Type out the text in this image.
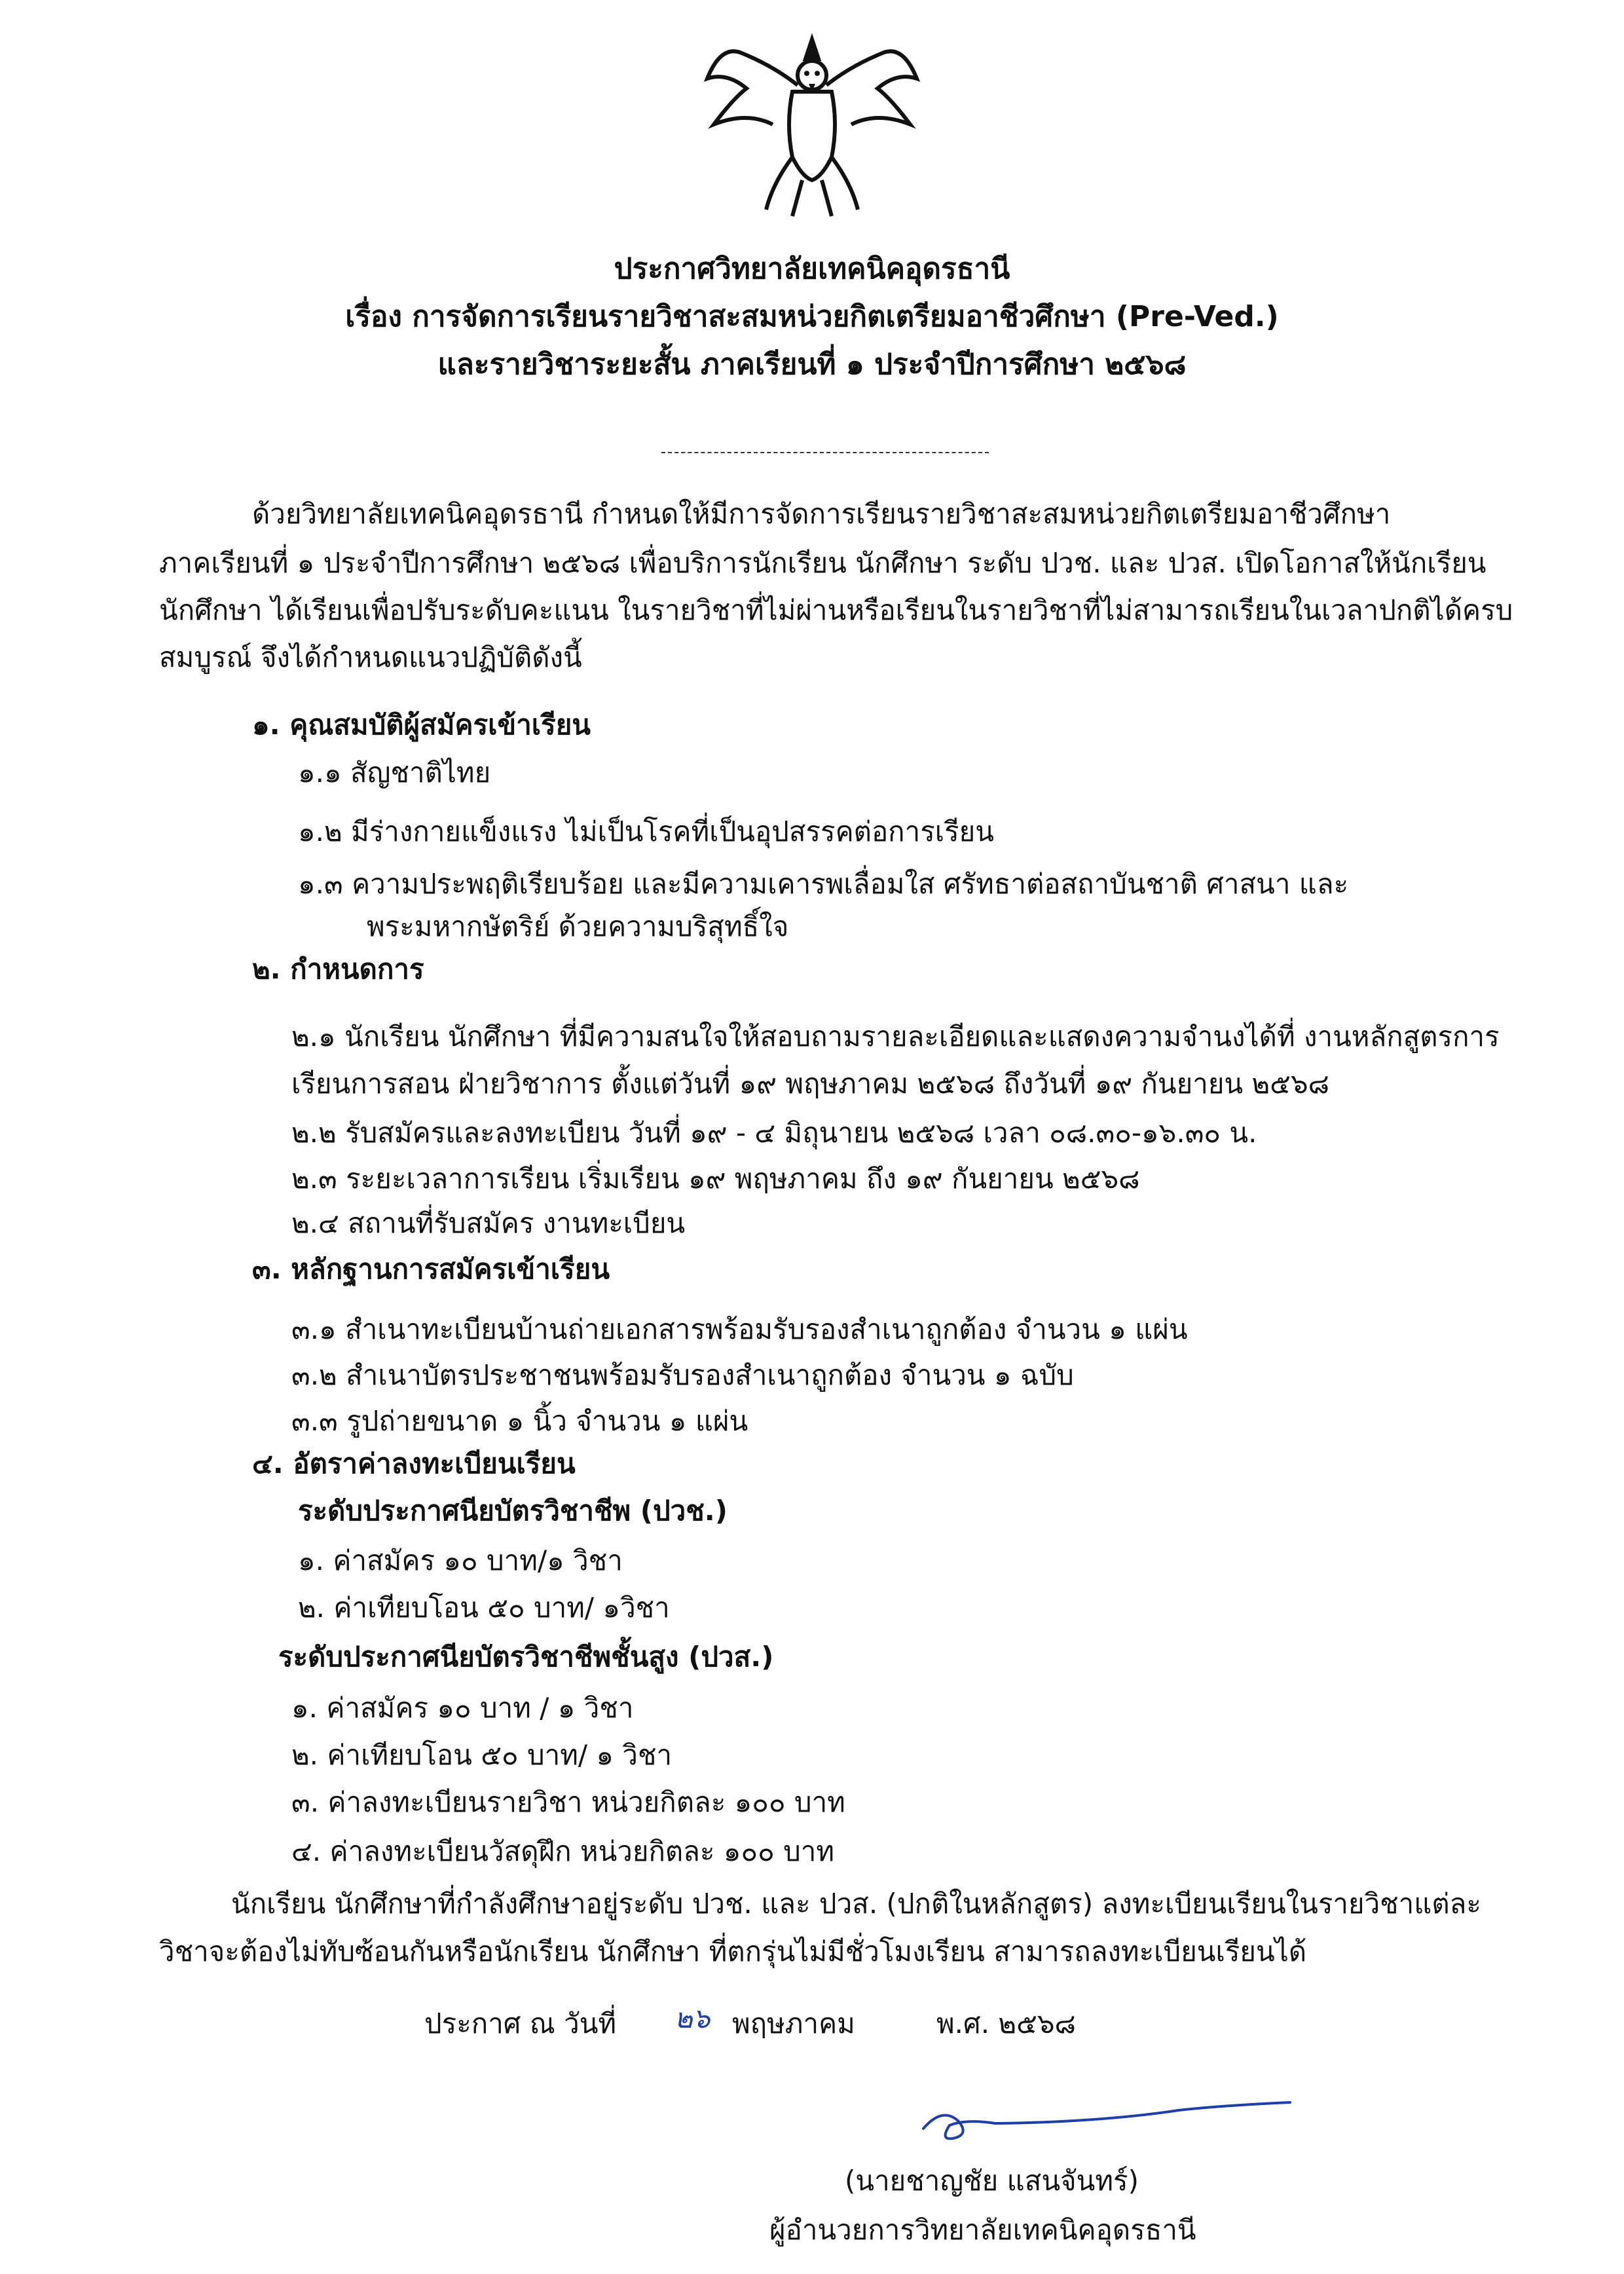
ประกาศวิทยาลัยเทคนิคอุดรธานี
เรื่อง การจัดการเรียนรายวิชาสะสมหน่วยกิตเตรียมอาชีวศึกษา (Pre-Ved.)
และรายวิชาระยะสั้น ภาคเรียนที่ ๑ ประจำปีการศึกษา ๒๕๖๘
ด้วยวิทยาลัยเทคนิคอุดรธานี กำหนดให้มีการจัดการเรียนรายวิชาสะสมหน่วยกิตเตรียมอาชีวศึกษา
ภาคเรียนที่ ๑ ประจำปีการศึกษา ๒๕๖๘ เพื่อบริการนักเรียน นักศึกษา ระดับ ปวช. และ ปวส. เปิดโอกาสให้นักเรียน
นักศึกษา ได้เรียนเพื่อปรับระดับคะแนน ในรายวิชาที่ไม่ผ่านหรือเรียนในรายวิชาที่ไม่สามารถเรียนในเวลาปกติได้ครบ
สมบูรณ์ จึงได้กำหนดแนวปฏิบัติดังนี้
๑. คุณสมบัติผู้สมัครเข้าเรียน
๑.๑ สัญชาติไทย
๑.๒ มีร่างกายแข็งแรง ไม่เป็นโรคที่เป็นอุปสรรคต่อการเรียน
๑.๓ ความประพฤติเรียบร้อย และมีความเคารพเลื่อมใส ศรัทธาต่อสถาบันชาติ ศาสนา และ
พระมหากษัตริย์ ด้วยความบริสุทธิ์ใจ
๒. กำหนดการ
๒.๑ นักเรียน นักศึกษา ที่มีความสนใจให้สอบถามรายละเอียดและแสดงความจำนงได้ที่ งานหลักสูตรการ
เรียนการสอน ฝ่ายวิชาการ ตั้งแต่วันที่ ๑๙ พฤษภาคม ๒๕๖๘ ถึงวันที่ ๑๙ กันยายน ๒๕๖๘
๒.๒ รับสมัครและลงทะเบียน วันที่ ๑๙ - ๔ มิถุนายน ๒๕๖๘ เวลา ๐๘.๓๐-๑๖.๓๐ น.
๒.๓ ระยะเวลาการเรียน เริ่มเรียน ๑๙ พฤษภาคม ถึง ๑๙ กันยายน ๒๕๖๘
๒.๔ สถานที่รับสมัคร งานทะเบียน
๓. หลักฐานการสมัครเข้าเรียน
๓.๑ สำเนาทะเบียนบ้านถ่ายเอกสารพร้อมรับรองสำเนาถูกต้อง จำนวน ๑ แผ่น
๓.๒ สำเนาบัตรประชาชนพร้อมรับรองสำเนาถูกต้อง จำนวน ๑ ฉบับ
๓.๓ รูปถ่ายขนาด ๑ นิ้ว จำนวน ๑ แผ่น
๔. อัตราค่าลงทะเบียนเรียน
ระดับประกาศนียบัตรวิชาชีพ (ปวช.)
๑. ค่าสมัคร ๑๐ บาท/๑ วิชา
๒. ค่าเทียบโอน ๕๐ บาท/ ๑วิชา
ระดับประกาศนียบัตรวิชาชีพชั้นสูง (ปวส.)
๑. ค่าสมัคร ๑๐ บาท / ๑ วิชา
๒. ค่าเทียบโอน ๕๐ บาท/ ๑ วิชา
๓. ค่าลงทะเบียนรายวิชา หน่วยกิตละ ๑๐๐ บาท
๔. ค่าลงทะเบียนวัสดุฝึก หน่วยกิตละ ๑๐๐ บาท
นักเรียน นักศึกษาที่กำลังศึกษาอยู่ระดับ ปวช. และ ปวส. (ปกติในหลักสูตร) ลงทะเบียนเรียนในรายวิชาแต่ละ
วิชาจะต้องไม่ทับซ้อนกันหรือนักเรียน นักศึกษา ที่ตกรุ่นไม่มีชั่วโมงเรียน สามารถลงทะเบียนเรียนได้
ประกาศ ณ วันที่ ๒๖ พฤษภาคม	พ.ศ. ๒๕๖๘
(นายชาญชัย แสนจันทร์)
ผู้อำนวยการวิทยาลัยเทคนิคอุดรธานี
